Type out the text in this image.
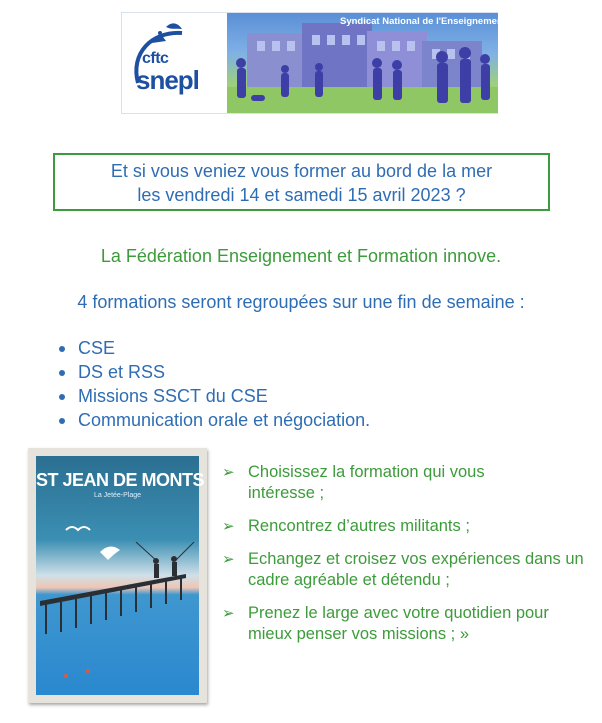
cftc
snepl
Syndicat National de l'Enseignement Privé Laïque
Et si vous veniez vous former au bord de la mer
les vendredi 14 et samedi 15 avril 2023 ?
La Fédération Enseignement et Formation innove.
4 formations seront regroupées sur une fin de semaine :
CSE
DS et RSS
Missions SSCT du CSE
Communication orale et négociation.
ST JEAN DE MONTS
La Jetée-Plage
➢ Choisissez la formation qui vous intéresse ;
➢ Rencontrez d’autres militants ;
➢ Echangez et croisez vos expériences dans un cadre agréable et détendu ;
➢ Prenez le large avec votre quotidien pour mieux penser vos missions ; »
